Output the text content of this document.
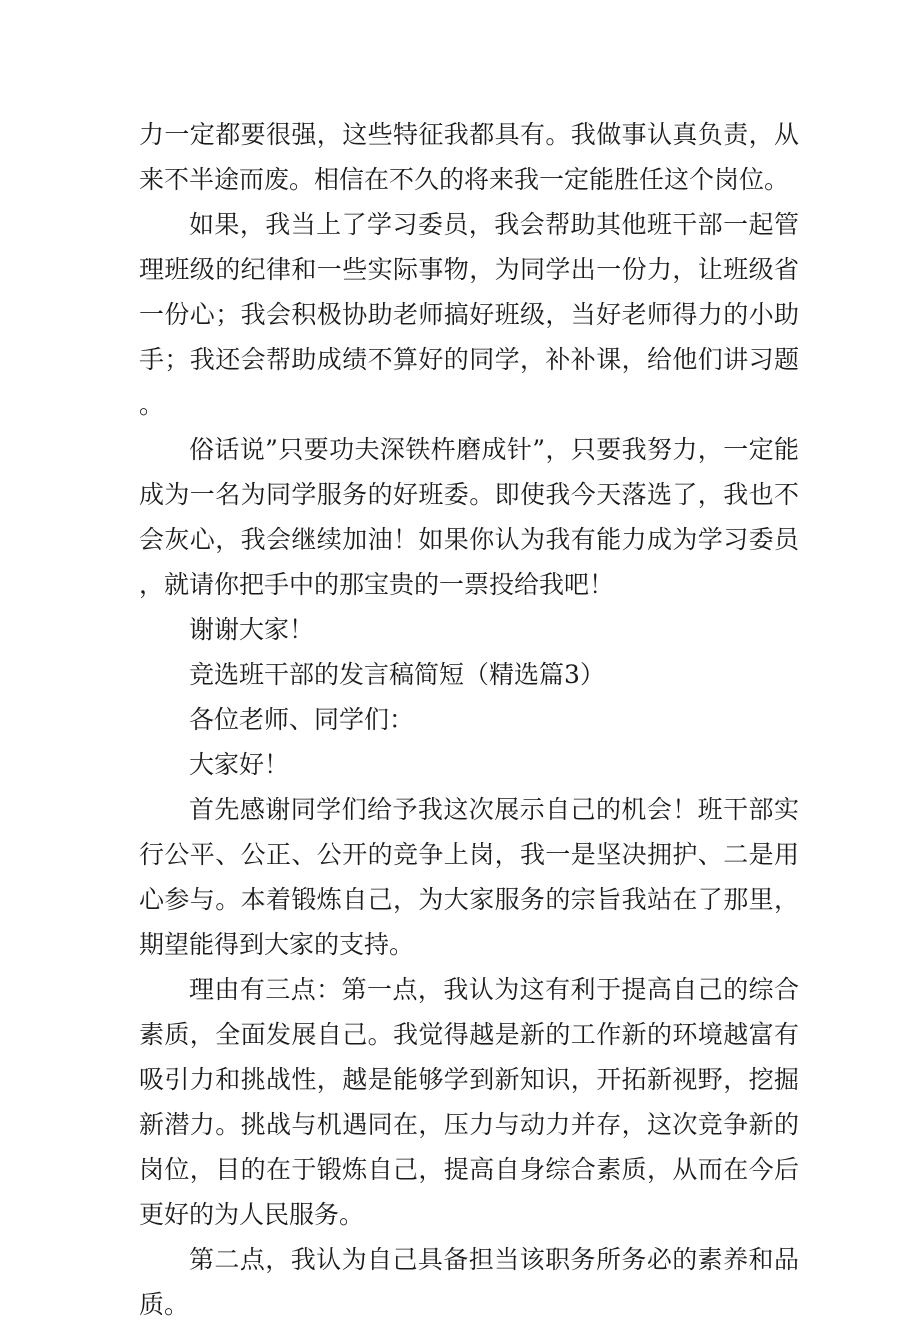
力一定都要很强，这些特征我都具有。我做事认真负责，从来不半途而废。相信在不久的将来我一定能胜任这个岗位。

如果，我当上了学习委员，我会帮助其他班干部一起管理班级的纪律和一些实际事物，为同学出一份力，让班级省一份心；我会积极协助老师搞好班级，当好老师得力的小助手；我还会帮助成绩不算好的同学，补补课，给他们讲习题。

俗话说”只要功夫深铁杵磨成针”，只要我努力，一定能成为一名为同学服务的好班委。即使我今天落选了，我也不会灰心，我会继续加油！如果你认为我有能力成为学习委员，就请你把手中的那宝贵的一票投给我吧！

谢谢大家！

竞选班干部的发言稿简短（精选篇3）

各位老师、同学们：

大家好！

首先感谢同学们给予我这次展示自己的机会！班干部实行公平、公正、公开的竞争上岗，我一是坚决拥护、二是用心参与。本着锻炼自己，为大家服务的宗旨我站在了那里，期望能得到大家的支持。

理由有三点：第一点，我认为这有利于提高自己的综合素质，全面发展自己。我觉得越是新的工作新的环境越富有吸引力和挑战性，越是能够学到新知识，开拓新视野，挖掘新潜力。挑战与机遇同在，压力与动力并存，这次竞争新的岗位，目的在于锻炼自己，提高自身综合素质，从而在今后更好的为人民服务。

第二点，我认为自己具备担当该职务所务必的素养和品质。
